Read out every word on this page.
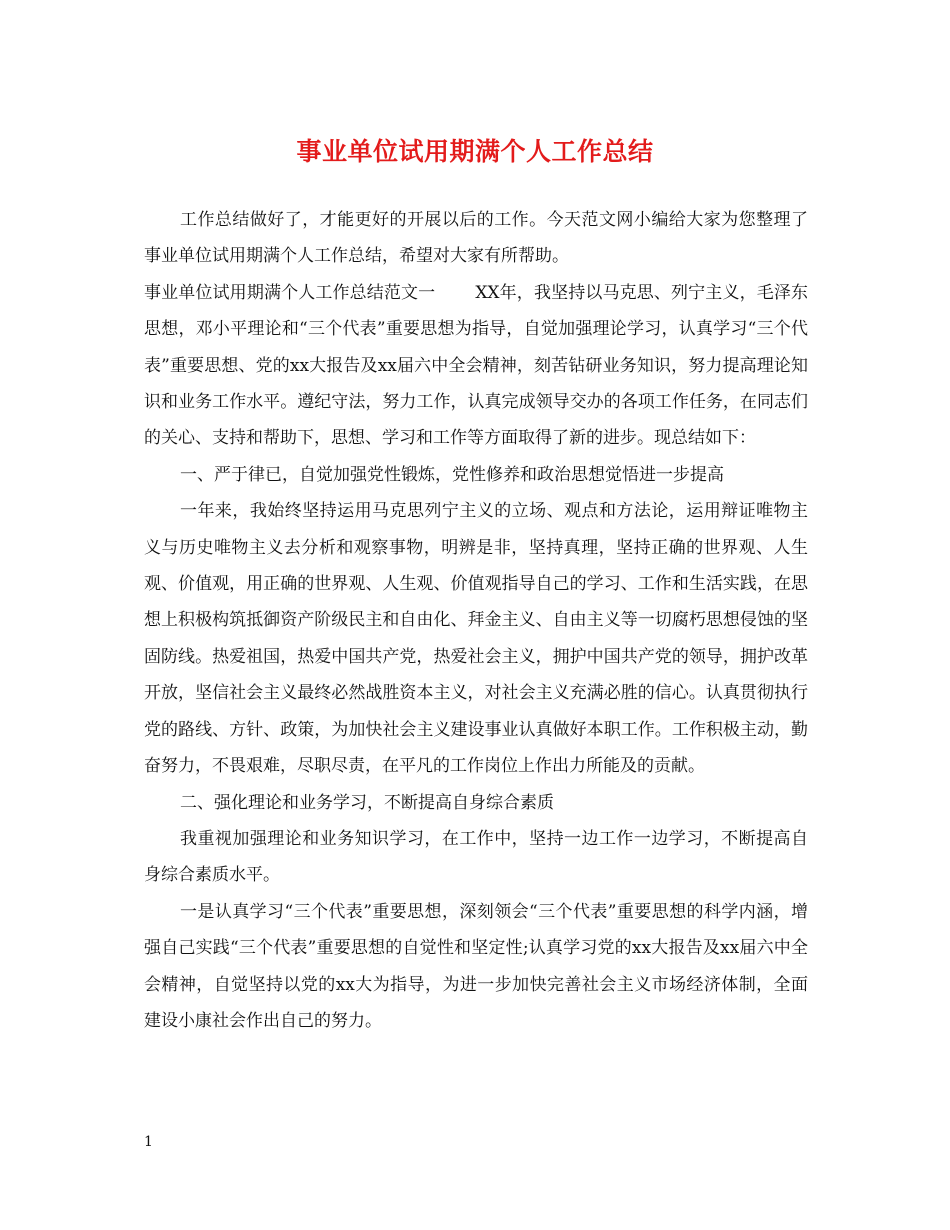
事业单位试用期满个人工作总结

工作总结做好了，才能更好的开展以后的工作。今天范文网小编给大家为您整理了事业单位试用期满个人工作总结，希望对大家有所帮助。

事业单位试用期满个人工作总结范文一 XX年，我坚持以马克思、列宁主义，毛泽东思想，邓小平理论和“三个代表”重要思想为指导，自觉加强理论学习，认真学习“三个代表”重要思想、党的xx大报告及xx届六中全会精神，刻苦钻研业务知识，努力提高理论知识和业务工作水平。遵纪守法，努力工作，认真完成领导交办的各项工作任务，在同志们的关心、支持和帮助下，思想、学习和工作等方面取得了新的进步。现总结如下：

一、严于律已，自觉加强党性锻炼，党性修养和政治思想觉悟进一步提高

一年来，我始终坚持运用马克思列宁主义的立场、观点和方法论，运用辩证唯物主义与历史唯物主义去分析和观察事物，明辨是非，坚持真理，坚持正确的世界观、人生观、价值观，用正确的世界观、人生观、价值观指导自己的学习、工作和生活实践，在思想上积极构筑抵御资产阶级民主和自由化、拜金主义、自由主义等一切腐朽思想侵蚀的坚固防线。热爱祖国，热爱中国共产党，热爱社会主义，拥护中国共产党的领导，拥护改革开放，坚信社会主义最终必然战胜资本主义，对社会主义充满必胜的信心。认真贯彻执行党的路线、方针、政策，为加快社会主义建设事业认真做好本职工作。工作积极主动，勤奋努力，不畏艰难，尽职尽责，在平凡的工作岗位上作出力所能及的贡献。

二、强化理论和业务学习，不断提高自身综合素质

我重视加强理论和业务知识学习，在工作中，坚持一边工作一边学习，不断提高自身综合素质水平。

一是认真学习“三个代表”重要思想，深刻领会“三个代表”重要思想的科学内涵，增强自己实践“三个代表”重要思想的自觉性和坚定性;认真学习党的xx大报告及xx届六中全会精神，自觉坚持以党的xx大为指导，为进一步加快完善社会主义市场经济体制，全面建设小康社会作出自己的努力。

1
